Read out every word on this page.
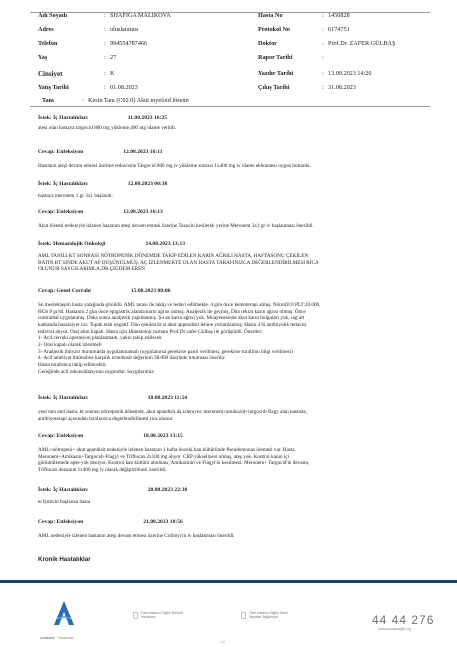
Adı Soyadı	: SHAFIGA MALIKOVA	Hasta No	: 1450828
Adres	: uluslararası	Protokol No	: 6174751
Telefon	: 994554787466	Doktor	: Prof.Dr. ZAFER GÜLBAŞ
Yaş	: 27	Rapor Tarihi	:
Cinsiyet	: K	Yazdır Tarihi	: 13.09.2023 14:20
Yatış Tarihi	: 01.08.2023	Çıkış Tarihi	: 31.08.2023
Tanı	: Kesin Tanı (C92.0) Akut myeloid lösemi
İstek: İç Hastalıkları	11.08.2023 16:25
ateşi olan hastaya targocid 800 mg yükleme,400 mg idame verildi.
Cevap: Enfeksiyon	12.08.2023 16:11
Hastanın ateşi devam etmesi üzerine tedavisine Targocid 800 mg iv yükleme sonrası 1x400 mg iv idame eklenmesi uygun bulundu.
İstek: İç Hastalıkları	12.08.2023 00:38
hastaya meronem 1 gr 3x1 başlandı.
Cevap: Enfeksiyon	12.08.2023 16:13
Akut lösemi nedeniyle izlenen hastanın ateşi devam etmesi üzerine Tazocin kesilerek yerine Meronem 3x1 gr iv başlanması önerildi.
İstek: Hematolojik Onkoloji	14.08.2023 13:13
AML TANILI KT SONRASI NÖTROPENİK DÖNEMDE TAKİP EDİLEN KARIN AĞRILI HASTA, HAFTASONU ÇEKİLEN
BATIN BT SİNDE AKUT AP DÜŞÜNÜLMÜŞ. AÇ İZLENMEKTE OLAN HASTA TARAFINIZCA DEĞERLENDİRİLMESİ RİCA
OLUNUR SAYGILARIMLA,DR.ÇİĞDEM EREN
Cevap: Genel Cerrahi	15.08.2023 08:06
Sn meslektaşım hasta yatağında görüldü. AML tanısı ile takip ve tedavi edilmekte. 4 gün önce kemoterapi almış. Nötrofil:0 PLT:20.000,
HGb 8 gr/dl. Hastanın 2 gün önce epigastrik alanda karın ağrısı olmuş. Analjezik ile geçmiş. Dün tekrar karın ağrısı olmuş. Önce
contramal uygulanmış. Daha sonra analjezik yapılmamış. Şu an karın ağrısı yok. Muayenesinde akut karın bulguları yok, sağ alt
kadranda hassasiyet var. Topuk testi negatif. Dün çekilen bt si akut appendisit lehine yorumlanmış. Hasta 4 lü antibiyotik tedavisi
tedavisi alıyor. Oral alım kapalı. Hasta için Hmeatoloji uzmanı Prof Dr zafer Gülbaş ile görüşüldü. Öneriler:
1- Acil cerrahi operasyon planlanmadı, yakın takip edilecek
2- Oral kapalı olarak izlenmeli
3- Analjezik ihtiyacı durumunda uygulanmamalı (uygulanırsa gerekirse parol verilmesi, gerekirse turafimo bilgi verilmesi)
4- Acil ameliyat ihtimaline karşılık trombosit değerinin 30.000 üzerinde tutulması önerilir.
Hasta turafımca takip edilecektir.
Gereğinde acil rekonsültasyonu uygundur. Saygılarımla
İstek: İç Hastalıkları	18.08.2023 11:54
yeni tanı aml hasta, kt sonrası nötropenik dönemde. akut apandisit da izlenıyor. meronem+amıkozid+targocid+flagy alan hastada,
antibiyoterapi açısından tarafınızca degerlendirilmesi rica olunur.
Cevap: Enfeksiyon	18.08.2023 13:15
AML+nötropeni+ akut apandisit nedeniyle izlenen hastanın 1 hafta önceki kan kültüründe Pseudomonas üremesi var. Hasta
Meronem+Amikasin+Targocid+Flagyl ve Triflucan 2x100 mg alıyor. CRP yükselmesi olmuş, ateş yok. Kontrol kanın içi
görüntülemede apse yok deniyor. Kontrol kan kültürü alınması, Amikasinin ve Flagyl'in kesilmesi. Meronem+ Targocid'in devamı,
Triflucan dozunun 1x400 mg iv olarak değiştirilmesi önerildi.
İstek: İç Hastalıkları	20.08.2023 22:38
ecfymicin başlanan hasta
Cevap: Enfeksiyon	21.08.2023 10:56
AML nedeniyle izlenen hastanın ateşi devam etmesi üzerine Colimycin iv başlanması önerildi.
Kronik Hastalıklar
Acıbadem Hastaneleri
Özel Anadolu Sağlık Merkezi
Hastanesi
Özel Anadolu Sağlık Tesisi
Hayatlar Sağlanıyor	44 44 276
www.anadolusaglik.org
1/4
